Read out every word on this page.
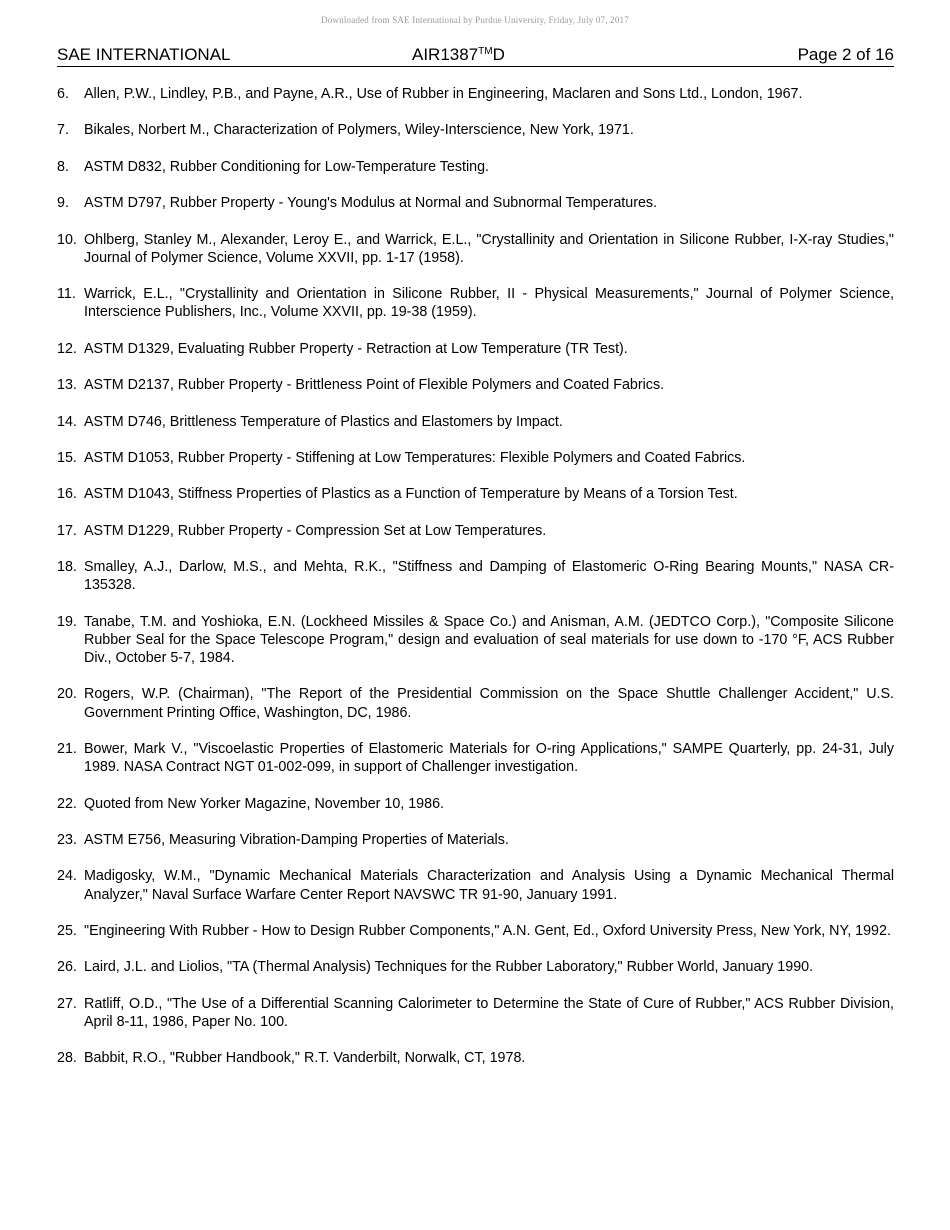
Downloaded from SAE International by Purdue University, Friday, July 07, 2017
SAE INTERNATIONAL	AIR1387™D	Page 2 of 16
6. Allen, P.W., Lindley, P.B., and Payne, A.R., Use of Rubber in Engineering, Maclaren and Sons Ltd., London, 1967.
7. Bikales, Norbert M., Characterization of Polymers, Wiley-Interscience, New York, 1971.
8. ASTM D832, Rubber Conditioning for Low-Temperature Testing.
9. ASTM D797, Rubber Property - Young's Modulus at Normal and Subnormal Temperatures.
10. Ohlberg, Stanley M., Alexander, Leroy E., and Warrick, E.L., "Crystallinity and Orientation in Silicone Rubber, I-X-ray Studies," Journal of Polymer Science, Volume XXVII, pp. 1-17 (1958).
11. Warrick, E.L., "Crystallinity and Orientation in Silicone Rubber, II - Physical Measurements," Journal of Polymer Science, Interscience Publishers, Inc., Volume XXVII, pp. 19-38 (1959).
12. ASTM D1329, Evaluating Rubber Property - Retraction at Low Temperature (TR Test).
13. ASTM D2137, Rubber Property - Brittleness Point of Flexible Polymers and Coated Fabrics.
14. ASTM D746, Brittleness Temperature of Plastics and Elastomers by Impact.
15. ASTM D1053, Rubber Property - Stiffening at Low Temperatures: Flexible Polymers and Coated Fabrics.
16. ASTM D1043, Stiffness Properties of Plastics as a Function of Temperature by Means of a Torsion Test.
17. ASTM D1229, Rubber Property - Compression Set at Low Temperatures.
18. Smalley, A.J., Darlow, M.S., and Mehta, R.K., "Stiffness and Damping of Elastomeric O-Ring Bearing Mounts," NASA CR-135328.
19. Tanabe, T.M. and Yoshioka, E.N. (Lockheed Missiles & Space Co.) and Anisman, A.M. (JEDTCO Corp.), "Composite Silicone Rubber Seal for the Space Telescope Program," design and evaluation of seal materials for use down to -170 °F, ACS Rubber Div., October 5-7, 1984.
20. Rogers, W.P. (Chairman), "The Report of the Presidential Commission on the Space Shuttle Challenger Accident," U.S. Government Printing Office, Washington, DC, 1986.
21. Bower, Mark V., "Viscoelastic Properties of Elastomeric Materials for O-ring Applications," SAMPE Quarterly, pp. 24-31, July 1989. NASA Contract NGT 01-002-099, in support of Challenger investigation.
22. Quoted from New Yorker Magazine, November 10, 1986.
23. ASTM E756, Measuring Vibration-Damping Properties of Materials.
24. Madigosky, W.M., "Dynamic Mechanical Materials Characterization and Analysis Using a Dynamic Mechanical Thermal Analyzer," Naval Surface Warfare Center Report NAVSWC TR 91-90, January 1991.
25. "Engineering With Rubber - How to Design Rubber Components," A.N. Gent, Ed., Oxford University Press, New York, NY, 1992.
26. Laird, J.L. and Liolios, "TA (Thermal Analysis) Techniques for the Rubber Laboratory," Rubber World, January 1990.
27. Ratliff, O.D., "The Use of a Differential Scanning Calorimeter to Determine the State of Cure of Rubber," ACS Rubber Division, April 8-11, 1986, Paper No. 100.
28. Babbit, R.O., "Rubber Handbook," R.T. Vanderbilt, Norwalk, CT, 1978.
